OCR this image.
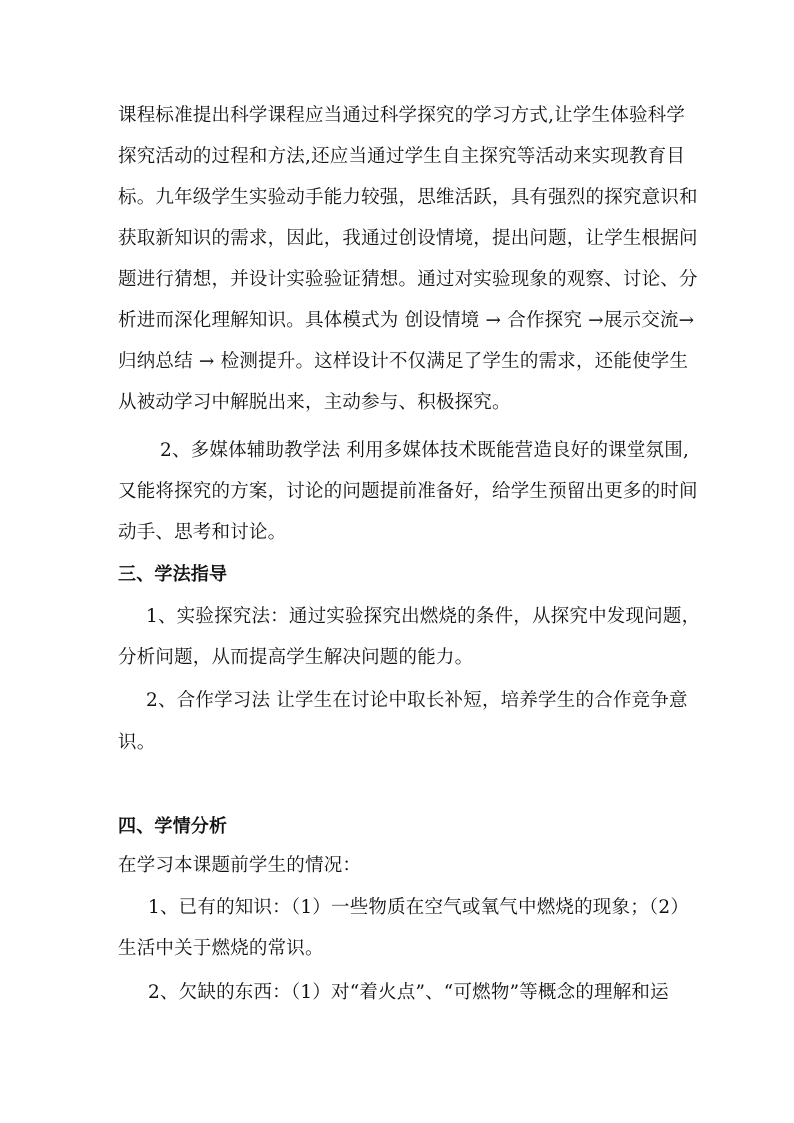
课程标准提出科学课程应当通过科学探究的学习方式,让学生体验科学
探究活动的过程和方法,还应当通过学生自主探究等活动来实现教育目
标。九年级学生实验动手能力较强，思维活跃，具有强烈的探究意识和
获取新知识的需求，因此，我通过创设情境，提出问题，让学生根据问
题进行猜想，并设计实验验证猜想。通过对实验现象的观察、讨论、分
析进而深化理解知识。具体模式为 创设情境 → 合作探究 →展示交流→
归纳总结 → 检测提升。这样设计不仅满足了学生的需求，还能使学生
从被动学习中解脱出来，主动参与、积极探究。
2、多媒体辅助教学法 利用多媒体技术既能营造良好的课堂氛围,
又能将探究的方案，讨论的问题提前准备好，给学生预留出更多的时间
动手、思考和讨论。
三、学法指导
1、实验探究法：通过实验探究出燃烧的条件，从探究中发现问题，
分析问题，从而提高学生解决问题的能力。
2、合作学习法 让学生在讨论中取长补短，培养学生的合作竞争意
识。
四、学情分析
在学习本课题前学生的情况：
1、已有的知识：（1）一些物质在空气或氧气中燃烧的现象；（2）
生活中关于燃烧的常识。
2、欠缺的东西：（1）对“着火点”、“可燃物”等概念的理解和运
